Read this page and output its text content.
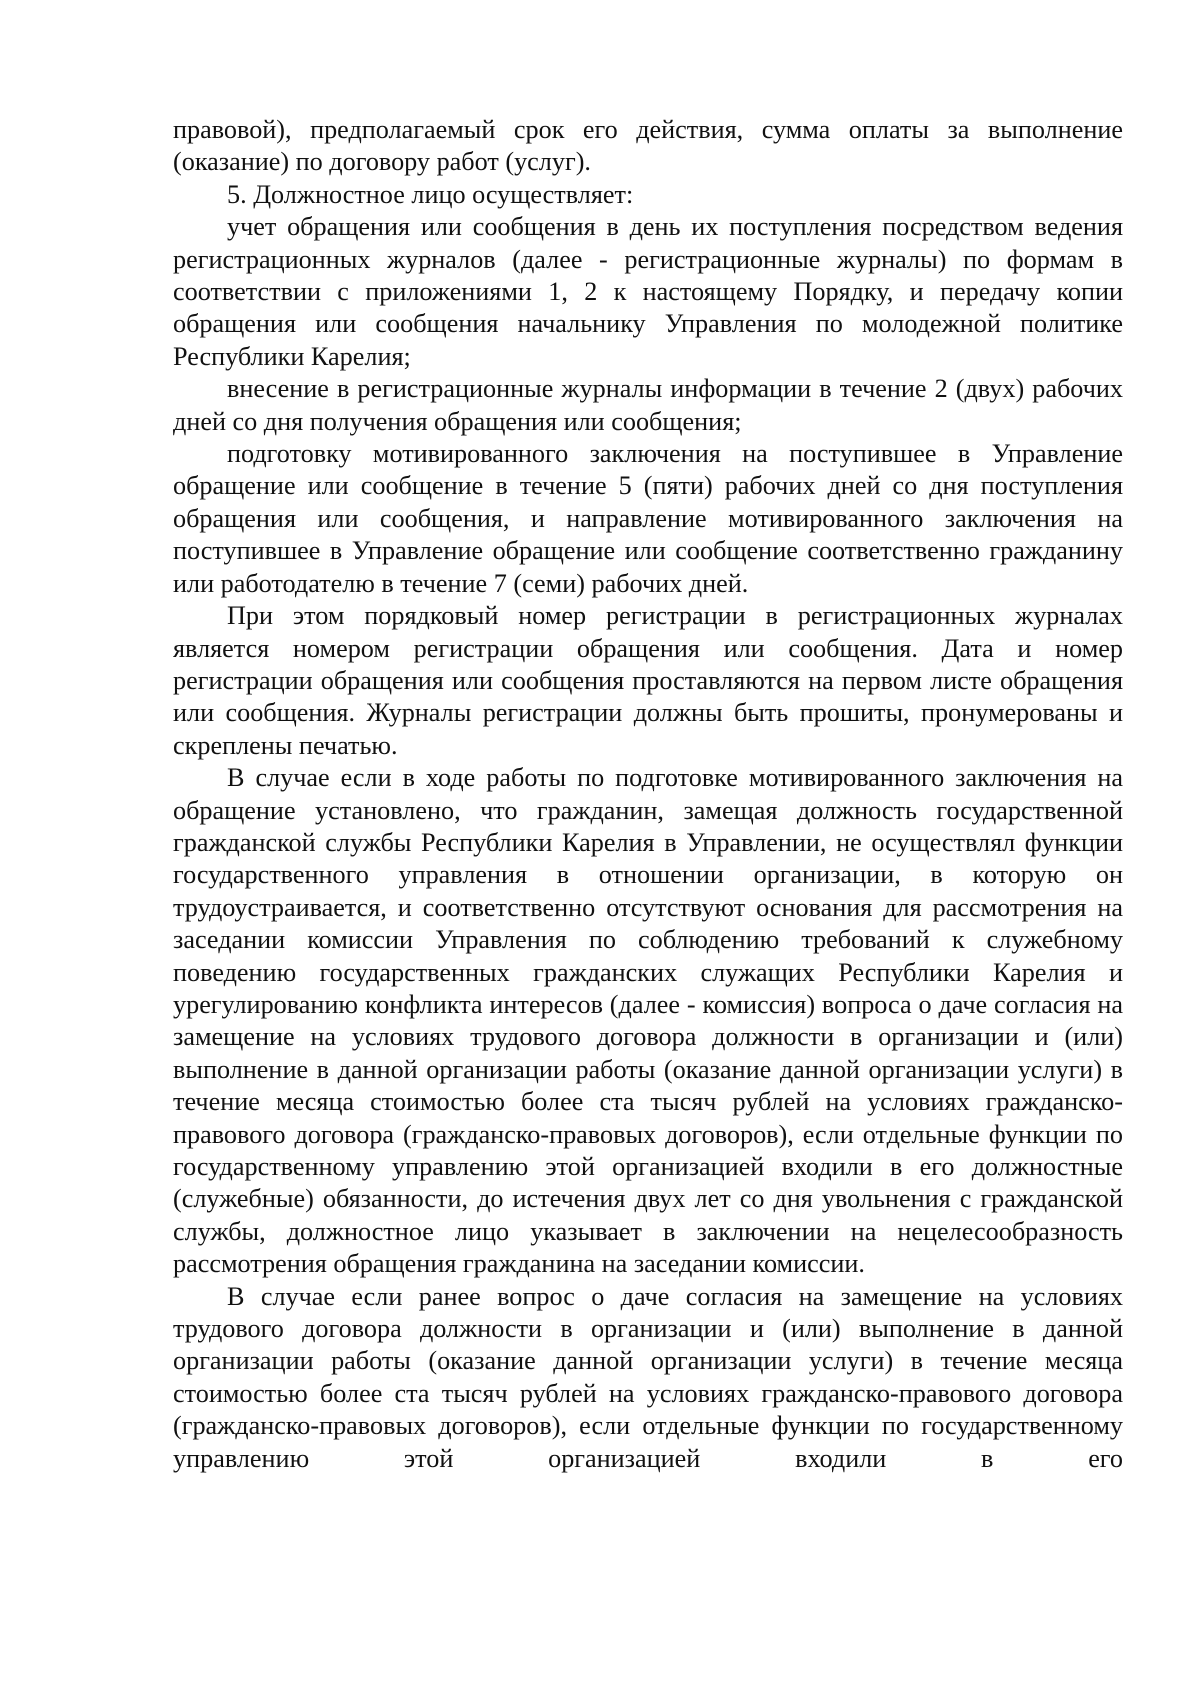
правовой), предполагаемый срок его действия, сумма оплаты за выполнение (оказание) по договору работ (услуг).

5. Должностное лицо осуществляет:

учет обращения или сообщения в день их поступления посредством ведения регистрационных журналов (далее - регистрационные журналы) по формам в соответствии с приложениями 1, 2 к настоящему Порядку, и передачу копии обращения или сообщения начальнику Управления по молодежной политике Республики Карелия;

внесение в регистрационные журналы информации в течение 2 (двух) рабочих дней со дня получения обращения или сообщения;

подготовку мотивированного заключения на поступившее в Управление обращение или сообщение в течение 5 (пяти) рабочих дней со дня поступления обращения или сообщения, и направление мотивированного заключения на поступившее в Управление обращение или сообщение соответственно гражданину или работодателю в течение 7 (семи) рабочих дней.

При этом порядковый номер регистрации в регистрационных журналах является номером регистрации обращения или сообщения. Дата и номер регистрации обращения или сообщения проставляются на первом листе обращения или сообщения. Журналы регистрации должны быть прошиты, пронумерованы и скреплены печатью.

В случае если в ходе работы по подготовке мотивированного заключения на обращение установлено, что гражданин, замещая должность государственной гражданской службы Республики Карелия в Управлении, не осуществлял функции государственного управления в отношении организации, в которую он трудоустраивается, и соответственно отсутствуют основания для рассмотрения на заседании комиссии Управления по соблюдению требований к служебному поведению государственных гражданских служащих Республики Карелия и урегулированию конфликта интересов (далее - комиссия) вопроса о даче согласия на замещение на условиях трудового договора должности в организации и (или) выполнение в данной организации работы (оказание данной организации услуги) в течение месяца стоимостью более ста тысяч рублей на условиях гражданско-правового договора (гражданско-правовых договоров), если отдельные функции по государственному управлению этой организацией входили в его должностные (служебные) обязанности, до истечения двух лет со дня увольнения с гражданской службы, должностное лицо указывает в заключении на нецелесообразность рассмотрения обращения гражданина на заседании комиссии.

В случае если ранее вопрос о даче согласия на замещение на условиях трудового договора должности в организации и (или) выполнение в данной организации работы (оказание данной организации услуги) в течение месяца стоимостью более ста тысяч рублей на условиях гражданско-правового договора (гражданско-правовых договоров), если отдельные функции по государственному управлению этой организацией входили в его
